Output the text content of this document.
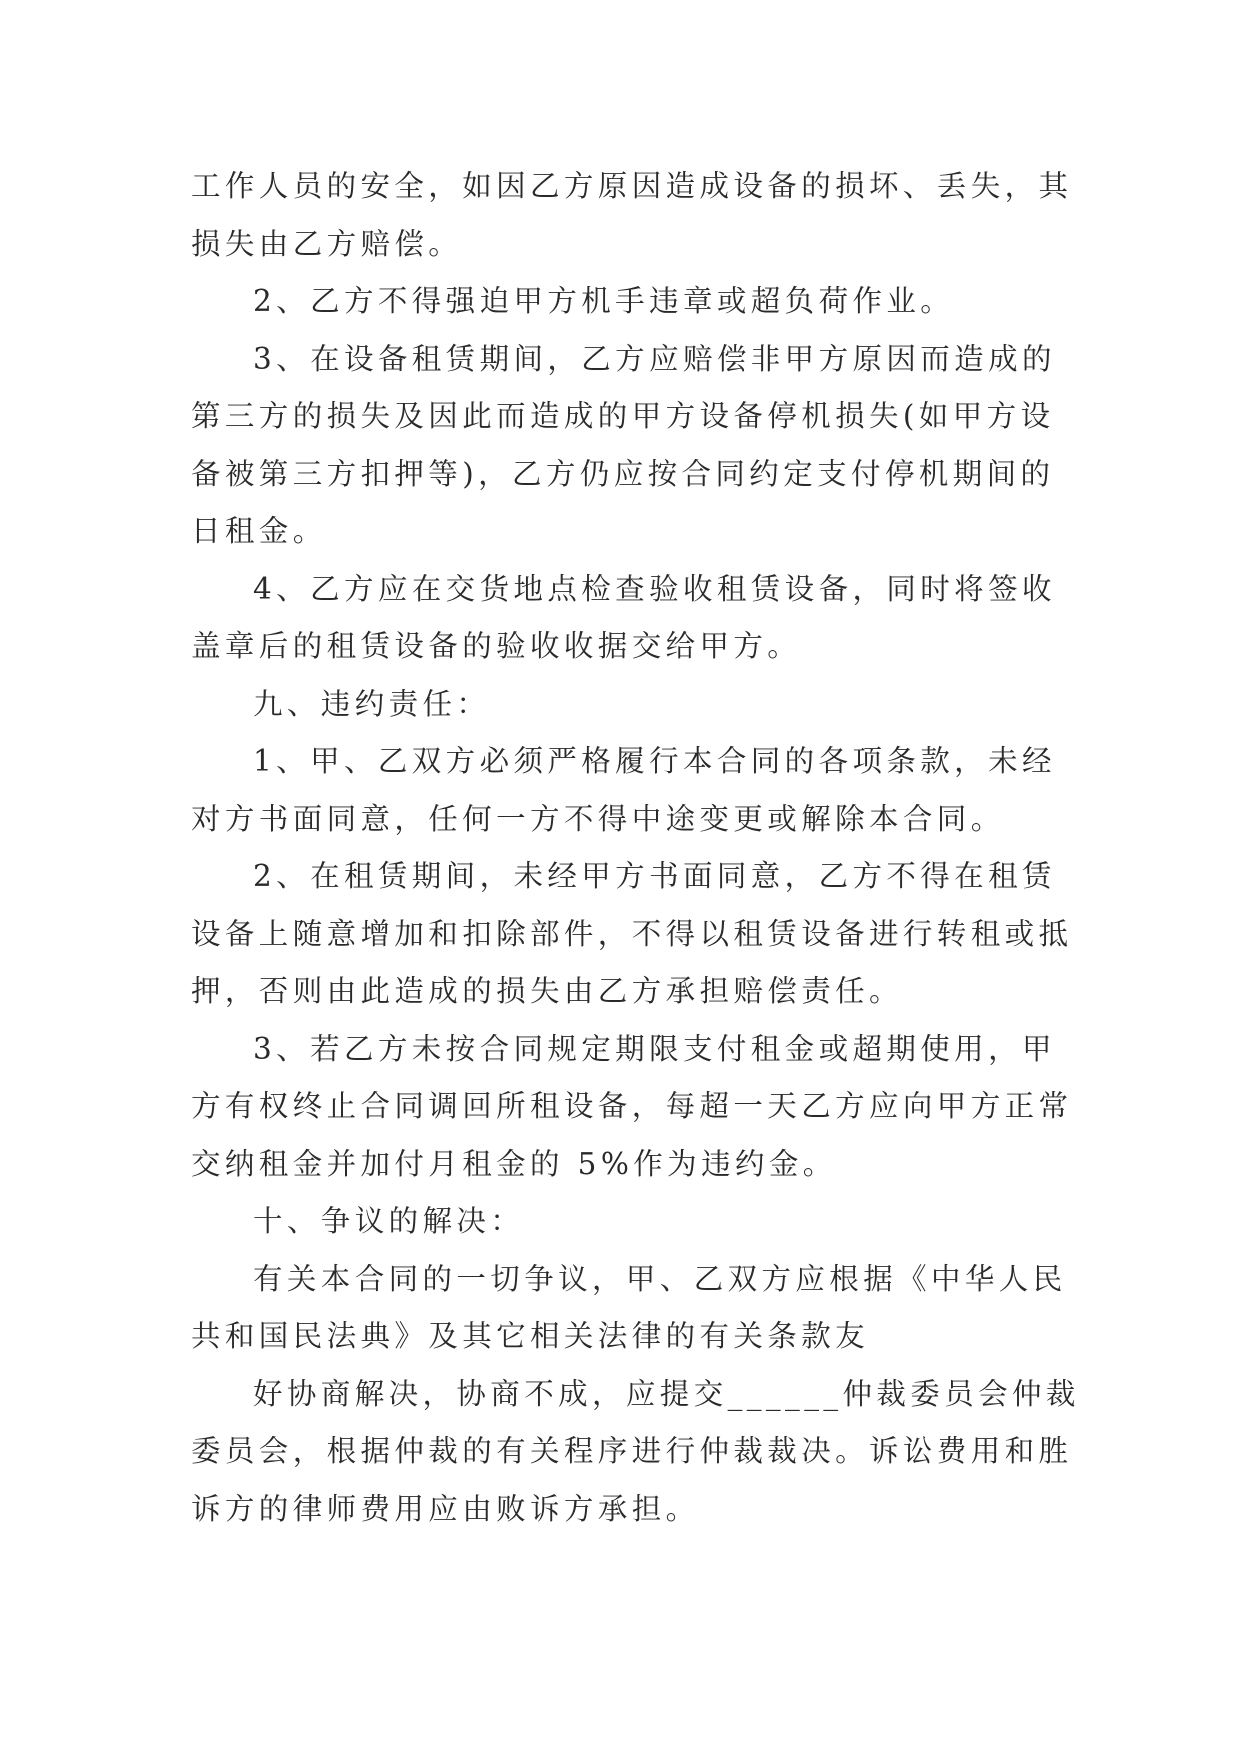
工作人员的安全，如因乙方原因造成设备的损坏、丢失，其
损失由乙方赔偿。

2、乙方不得强迫甲方机手违章或超负荷作业。

3、在设备租赁期间，乙方应赔偿非甲方原因而造成的

第三方的损失及因此而造成的甲方设备停机损失(如甲方设
备被第三方扣押等)，乙方仍应按合同约定支付停机期间的
日租金。

4、乙方应在交货地点检查验收租赁设备，同时将签收

盖章后的租赁设备的验收收据交给甲方。

九、违约责任：

1、甲、乙双方必须严格履行本合同的各项条款，未经

对方书面同意，任何一方不得中途变更或解除本合同。

2、在租赁期间，未经甲方书面同意，乙方不得在租赁

设备上随意增加和扣除部件，不得以租赁设备进行转租或抵
押，否则由此造成的损失由乙方承担赔偿责任。

3、若乙方未按合同规定期限支付租金或超期使用，甲

方有权终止合同调回所租设备，每超一天乙方应向甲方正常
交纳租金并加付月租金的 5%作为违约金。

十、争议的解决：

有关本合同的一切争议，甲、乙双方应根据《中华人民

共和国民法典》及其它相关法律的有关条款友

好协商解决，协商不成，应提交______仲裁委员会仲裁

委员会，根据仲裁的有关程序进行仲裁裁决。诉讼费用和胜
诉方的律师费用应由败诉方承担。
